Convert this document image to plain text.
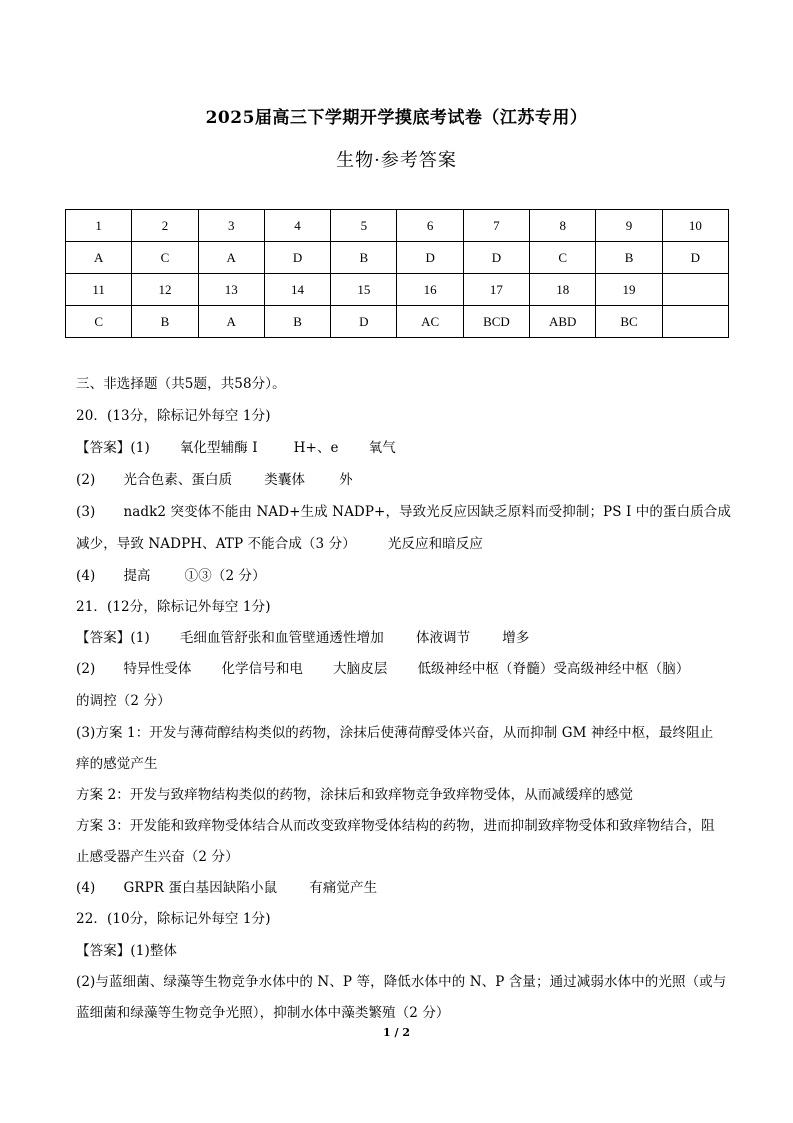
2025届高三下学期开学摸底考试卷（江苏专用）
生物·参考答案
1	2	3	4	5	6	7	8	9	10
A	C	A	D	B	D	D	C	B	D
11	12	13	14	15	16	17	18	19	
C	B	A	B	D	AC	BCD	ABD	BC	
三、非选择题（共5题，共58分）。
20．(13分，除标记外每空 1分)
【答案】(1) 氧化型辅酶 I	H+、e 氧气
(2) 光合色素、蛋白质 类囊体	外
(3) nadk2 突变体不能由 NAD+生成 NADP+，导致光反应因缺乏原料而受抑制；PS I 中的蛋白质合成
减少，导致 NADPH、ATP 不能合成（3 分） 光反应和暗反应
(4) 提高	①③（2 分）
21．(12分，除标记外每空 1分)
【答案】(1) 毛细血管舒张和血管壁通透性增加 体液调节 增多
(2) 特异性受体 化学信号和电 大脑皮层 低级神经中枢（脊髓）受高级神经中枢（脑）
的调控（2 分）
(3)方案 1：开发与薄荷醇结构类似的药物，涂抹后使薄荷醇受体兴奋，从而抑制 GM 神经中枢，最终阻止
痒的感觉产生
方案 2：开发与致痒物结构类似的药物，涂抹后和致痒物竞争致痒物受体，从而减缓痒的感觉
方案 3：开发能和致痒物受体结合从而改变致痒物受体结构的药物，进而抑制致痒物受体和致痒物结合，阻
止感受器产生兴奋（2 分）
(4) GRPR 蛋白基因缺陷小鼠 有痛觉产生
22．(10分，除标记外每空 1分)
【答案】(1)整体
(2)与蓝细菌、绿藻等生物竞争水体中的 N、P 等，降低水体中的 N、P 含量；通过减弱水体中的光照（或与
蓝细菌和绿藻等生物竞争光照），抑制水体中藻类繁殖（2 分）
1 / 2
